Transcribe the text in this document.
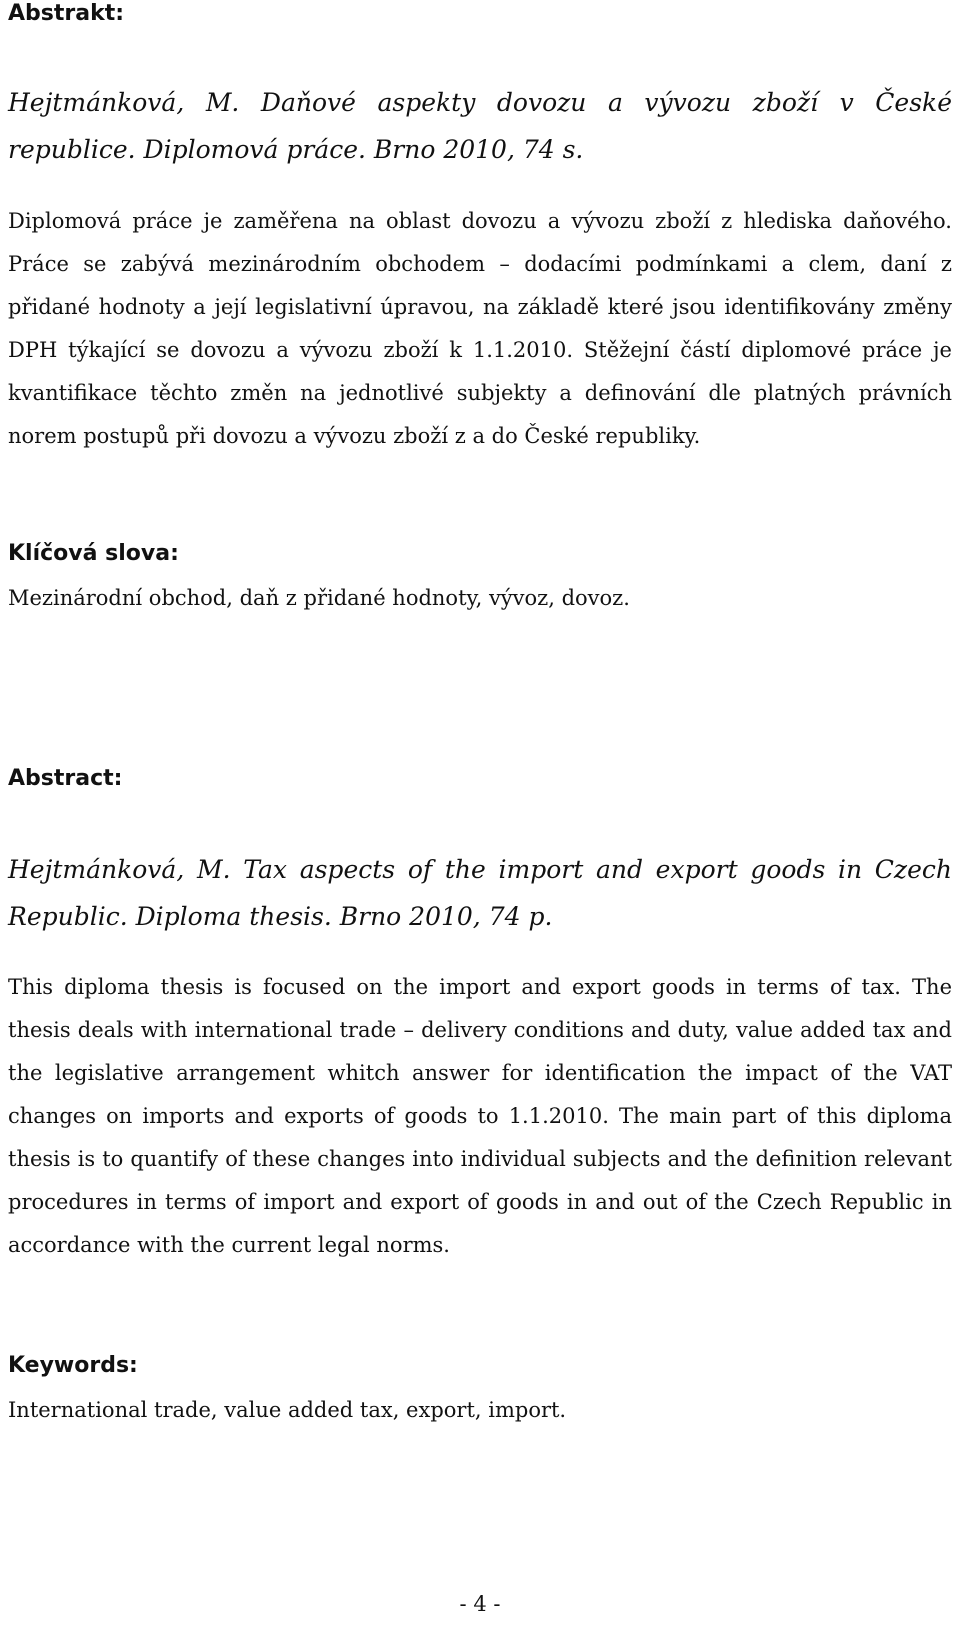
Abstrakt:

Hejtmánková, M. Daňové aspekty dovozu a vývozu zboží v České republice. Diplomová práce. Brno 2010, 74 s.

Diplomová práce je zaměřena na oblast dovozu a vývozu zboží z hlediska daňového. Práce se zabývá mezinárodním obchodem – dodacími podmínkami a clem, daní z přidané hodnoty a její legislativní úpravou, na základě které jsou identifikovány změny DPH týkající se dovozu a vývozu zboží k 1.1.2010. Stěžejní částí diplomové práce je kvantifikace těchto změn na jednotlivé subjekty a definování dle platných právních norem postupů při dovozu a vývozu zboží z a do České republiky.

Klíčová slova:

Mezinárodní obchod, daň z přidané hodnoty, vývoz, dovoz.

Abstract:

Hejtmánková, M. Tax aspects of the import and export goods in Czech Republic. Diploma thesis. Brno 2010, 74 p.

This diploma thesis is focused on the import and export goods in terms of tax. The thesis deals with international trade – delivery conditions and duty, value added tax and the legislative arrangement whitch answer for identification the impact of the VAT changes on imports and exports of goods to 1.1.2010. The main part of this diploma thesis is to quantify of these changes into individual subjects and the definition relevant procedures in terms of import and export of goods in and out of the Czech Republic in accordance with the current legal norms.

Keywords:

International trade, value added tax, export, import.

- 4 -
